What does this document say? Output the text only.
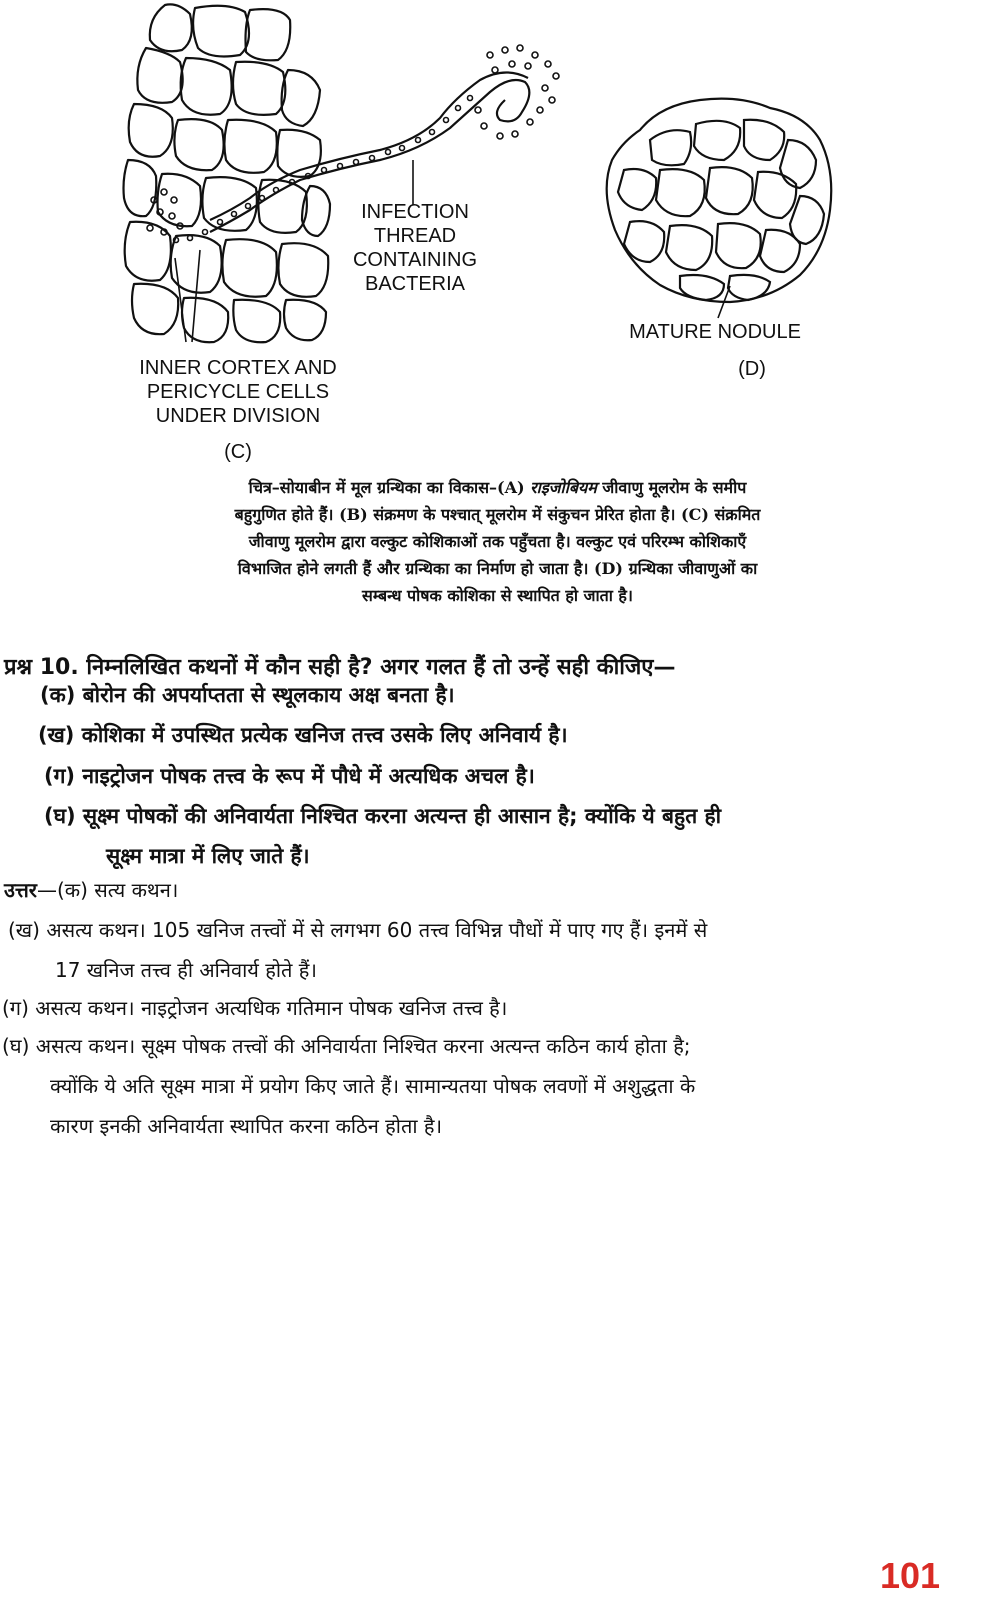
INFECTION
THREAD
CONTAINING
BACTERIA
INNER CORTEX AND
PERICYCLE CELLS
UNDER DIVISION
(C)
MATURE NODULE
(D)

चित्र–सोयाबीन में मूल ग्रन्थिका का विकास–(A) राइजोबियम जीवाणु मूलरोम के समीप

बहुगुणित होते हैं। (B) संक्रमण के पश्चात् मूलरोम में संकुचन प्रेरित होता है। (C) संक्रमित

जीवाणु मूलरोम द्वारा वल्कुट कोशिकाओं तक पहुँचता है। वल्कुट एवं परिरम्भ कोशिकाएँ

विभाजित होने लगती हैं और ग्रन्थिका का निर्माण हो जाता है। (D) ग्रन्थिका जीवाणुओं का

सम्बन्ध पोषक कोशिका से स्थापित हो जाता है।

प्रश्न 10. निम्नलिखित कथनों में कौन सही है? अगर गलत हैं तो उन्हें सही कीजिए—
(क) बोरोन की अपर्याप्तता से स्थूलकाय अक्ष बनता है।
(ख) कोशिका में उपस्थित प्रत्येक खनिज तत्त्व उसके लिए अनिवार्य है।
(ग) नाइट्रोजन पोषक तत्त्व के रूप में पौधे में अत्यधिक अचल है।
(घ) सूक्ष्म पोषकों की अनिवार्यता निश्चित करना अत्यन्त ही आसान है; क्योंकि ये बहुत ही
सूक्ष्म मात्रा में लिए जाते हैं।
उत्तर—(क) सत्य कथन।
(ख) असत्य कथन। 105 खनिज तत्त्वों में से लगभग 60 तत्त्व विभिन्न पौधों में पाए गए हैं। इनमें से
17 खनिज तत्त्व ही अनिवार्य होते हैं।
(ग) असत्य कथन। नाइट्रोजन अत्यधिक गतिमान पोषक खनिज तत्त्व है।
(घ) असत्य कथन। सूक्ष्म पोषक तत्त्वों की अनिवार्यता निश्चित करना अत्यन्त कठिन कार्य होता है;
क्योंकि ये अति सूक्ष्म मात्रा में प्रयोग किए जाते हैं। सामान्यतया पोषक लवणों में अशुद्धता के
कारण इनकी अनिवार्यता स्थापित करना कठिन होता है।
101
